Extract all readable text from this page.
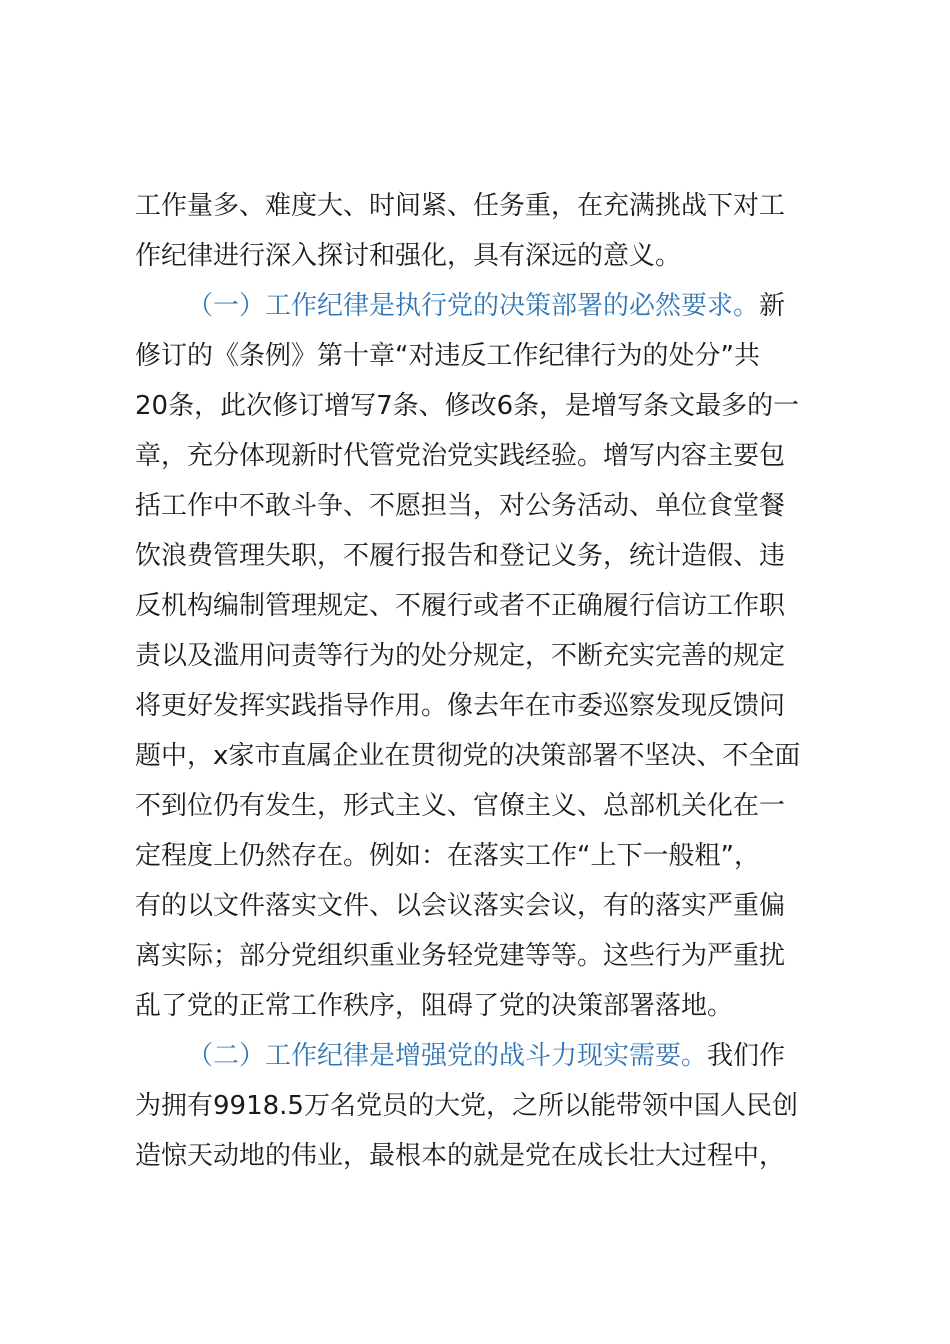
工作量多、难度大、时间紧、任务重，在充满挑战下对工
作纪律进行深入探讨和强化，具有深远的意义。
（一）工作纪律是执行党的决策部署的必然要求。新
修订的《条例》第十章“对违反工作纪律行为的处分”共
20条，此次修订增写7条、修改6条，是增写条文最多的一
章，充分体现新时代管党治党实践经验。增写内容主要包
括工作中不敢斗争、不愿担当，对公务活动、单位食堂餐
饮浪费管理失职，不履行报告和登记义务，统计造假、违
反机构编制管理规定、不履行或者不正确履行信访工作职
责以及滥用问责等行为的处分规定，不断充实完善的规定
将更好发挥实践指导作用。像去年在市委巡察发现反馈问
题中，x家市直属企业在贯彻党的决策部署不坚决、不全面
不到位仍有发生，形式主义、官僚主义、总部机关化在一
定程度上仍然存在。例如：在落实工作“上下一般粗”，
有的以文件落实文件、以会议落实会议，有的落实严重偏
离实际；部分党组织重业务轻党建等等。这些行为严重扰
乱了党的正常工作秩序，阻碍了党的决策部署落地。
（二）工作纪律是增强党的战斗力现实需要。我们作
为拥有9918.5万名党员的大党，之所以能带领中国人民创
造惊天动地的伟业，最根本的就是党在成长壮大过程中，
